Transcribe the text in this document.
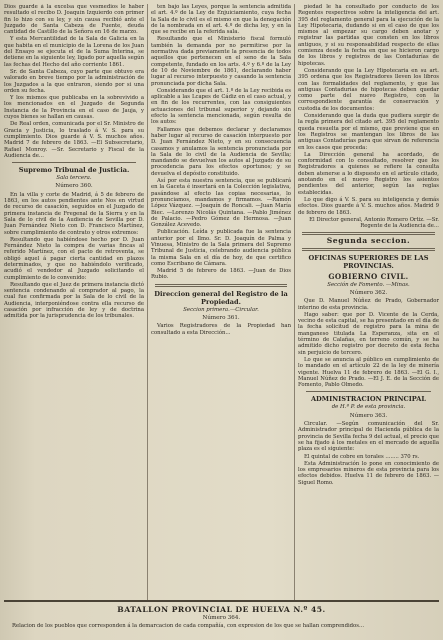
Dios guarde á la excelsa que vesmedios le haber resultado el recibo D. Joaquin Izquierdo con primer fin lo hizo con su ley, y sin causa recibió ante el Juzgado de Santa Cabeza de Fuente, deuda cantidad de Castillo de la Señora en 16 de marzo.

Y esta Mercantilidad de la Sala de Galicia en la que habita en el municipio de la Lorena de los Juan del Ensayo se ejecuta el de la Suma Interina, se detiene en la siguiente ley, ligado por aquella según las fechas del Hecho del año corriente 1861.

Sr. de Santa Cabeza, cuyo parte que obtuvo era valorado en breve tiempo por la administración de los Juzgados a la que entraron, siendo por si una orden su fecha.

Y los mismos que publicaba en la sobrevivido a los mencionados en el Juzgado de Segunda Instancia de la Provincia en el caso de Jauja, y cuyos bienes se hallan en causas.

De Real orden, comunicada por el Sr. Ministro de Gracia y Justicia, lo traslado á V. S. para su cumplimiento. Dios guarde á V. S. muchos años. Madrid 7 de febrero de 1863. —El Subsecretario, Rafael Monroy. —Sr. Secretario y Fiscal de la Audiencia de...

Supremo Tribunal de Justicia.
Sala tercera.
Número 360.

En la villa y corte de Madrid, á 5 de febrero de 1863, en los autos pendientes ante Nos en virtud de recurso de casación, seguidos en el Juzgado de primera instancia de Fregenal de la Sierra y en la Sala de lo civil de la Audiencia de Sevilla por D. Juan Fernández Nieto con D. Francisco Martínez, sobre cumplimiento de contrato y otros extremos:

Resultando que habiéndose hecho por D. Juan Fernández Nieto la compra de varias fincas al referido Martínez, con el pacto de retroventa, se obligó aquel á pagar cierta cantidad en plazos determinados, y que no habiéndolo verificado, acudió el vendedor al Juzgado solicitando el cumplimiento de lo convenido:

Resultando que el Juez de primera instancia dictó sentencia condenando al comprador al pago, la cual fue confirmada por la Sala de lo civil de la Audiencia, interponiéndose contra ella recurso de casación por infracción de ley y de doctrina admitida por la jurisprudencia de los tribunales.

ten bajo las Leyes, porque la sentencia admitida el art. 4.º de la Ley de Enjuiciamiento, cuya fecha la Sala de lo civil es el mismo en que la denegación de la nombrada en el art. 4.º de dicha ley, y en la que se recibe en la referida sala.

Resultando que el Ministerio fiscal formuló también la demanda por no permitirse por la normativa dada previamente la presencia de todos aquellos que pertenecen en el seno de la Sala competente, fundado en los arts. 4.º y 6.º de la Ley de 10 de Noviembre de 1861, declarando haber lugar al recurso interpuesto y casando la sentencia pronunciada por dicha Sala.

Considerando que el art. 1.º de la Ley recibida es aplicable a las Lcapes de Cádiz en el caso actual, y en fin de los recurrentes, con las consiguientes actuaciones del tribunal superior y dejando sin efecto la sentencia mencionada, según resulta de los autos:

Fallamos que debemos declarar y declaramos haber lugar al recurso de casación interpuesto por D. Juan Fernández Nieto, y en su consecuencia casamos y anulamos la sentencia pronunciada por la Sala de lo civil de la Audiencia de Sevilla; mandando se devuelvan los autos al Juzgado de su procedencia para los efectos oportunos; y se devuelva el depósito constituido.

Así por esta nuestra sentencia, que se publicará en la Gaceta é insertará en la Colección legislativa, pasándose al efecto las copias necesarias, lo pronunciamos, mandamos y firmamos. —Ramón López Vázquez. —Joaquín de Roncali. —Juan María Biec. —Lorenzo Nicolás Quintana. —Pablo Jiménez de Palacio. —Pedro Gómez de Hermosa. —Juan González Acevedo.

Publicación. Leída y publicada fue la sentencia anterior por el Ilmo. Sr. D. Joaquín de Palma y Vinuesa, Ministro de la Sala primera del Supremo Tribunal de Justicia, celebrando audiencia pública la misma Sala en el día de hoy, de que certifico como Escribano de Cámara.

Madrid 5 de febrero de 1863. —Juan de Dios Rubio.

Direccion general del Registro de la Propiedad.
Seccion primera.—Circular.
Número 361.

Varios Registradores de la Propiedad han consultado a esta Dirección...

piedad le ha consultado por conducto de los Regentes respectivos sobre la inteligencia del art. 395 del reglamento general para la ejecución de la Ley Hipotecaria, dudando si en el caso de que los mismos al empezar su cargo deben anotar y registrar las partidas que consten en los libros antiguos, y si su responsabilidad respecto de ellas comienza desde la fecha en que se hicieron cargo de los libros y registros de las Contadurías de hipotecas.

Considerando que la Ley Hipotecaria en su art. 395 ordena que los Registradores lleven los libros con las formalidades del reglamento, y que las antiguas Contadurías de hipotecas deben quedar como parte del nuevo Registro, con la correspondiente garantía de conservación y custodia de los documentos:

Considerando que la duda que pudiera surgir de la regla primera del citado art. 395 del reglamento queda resuelta por el mismo, que previene que en los Registros se mantengan los libros de las antiguas Contadurías para que sirvan de referencia en los casos que proceda:

La Dirección general ha acordado, de conformidad con lo consultado, resolver que los Registradores a quienes se refiere la consulta deben atenerse a lo dispuesto en el artículo citado, anotando en el nuevo Registro los asientos pendientes del anterior, según las reglas establecidas.

Lo que digo á V. S. para su inteligencia y demás efectos. Dios guarde á V. S. muchos años. Madrid 9 de febrero de 1863.

El Director general, Antonio Romero Ortiz. —Sr. Regente de la Audiencia de...

Segunda seccion.
OFICINAS SUPERIORES DE LAS PROVINCIAS.
GOBIERNO CIVIL.
Sección de Fomento. —Minas.
Número 362.

Que D. Manuel Núñez de Prado, Gobernador interino de esta provincia.

Hago saber: que por D. Vicente de la Cerda, vecino de esta capital, se ha presentado en el día de la fecha solicitud de registro para la mina de manganeso titulada La Esperanza, sita en el término de Calañas, en terreno común, y se ha admitido dicho registro por decreto de esta fecha sin perjuicio de tercero.

Lo que se anuncia al público en cumplimiento de lo mandado en el artículo 22 de la ley de minería vigente. Huelva 11 de febrero de 1863. —El G. I., Manuel Núñez de Prado. —El J. E. de la Sección de Fomento, Pablo Olmedo.

ADMINISTRACION PRINCIPAL
de H.ª P. de esta provincia.
Número 363.

Circular. —Según comunicación del Sr. Administrador principal de Hacienda pública de la provincia de Sevilla fecha 9 del actual, el precio que se ha fijado á los metales en el mercado de aquella plaza es el siguiente:

El quintal de cobre en torales ........ 370 rs.

Esta Administración lo pone en conocimiento de los empresarios mineros de esta provincia para los efectos debidos. Huelva 11 de febrero de 1863. —Siguel Romo.

BATALLON PROVINCIAL DE HUELVA N.º 45.
Número 364.
Relacion de los pueblos que corresponden á la demarcacion de cada compañía, con expresion de los que se hallan comprendidos...
